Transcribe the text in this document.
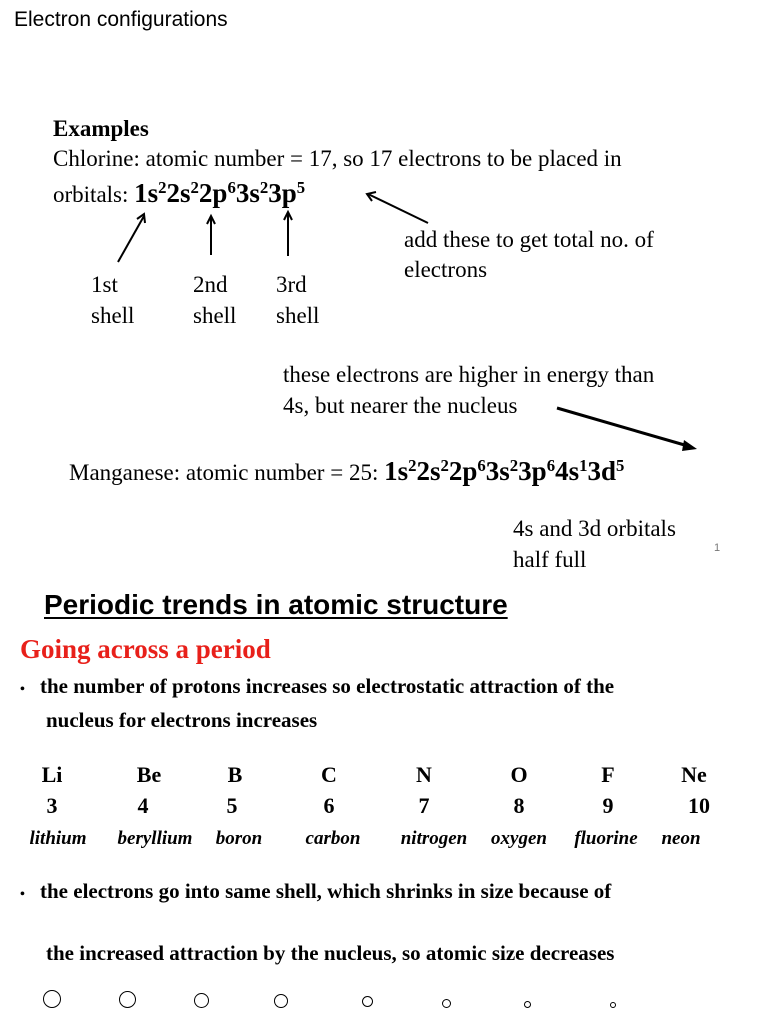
Electron configurations
Examples
Chlorine: atomic number = 17, so 17 electrons to be placed in
orbitals: $1s^22s^22p^63s^23p^5$
add these to get total no. of
electrons
1st
shell
2nd
shell
3rd
shell
these electrons are higher in energy than
4s, but nearer the nucleus
Manganese: atomic number = 25: $1s^22s^22p^63s^23p^64s^13d^5$
4s and 3d orbitals
half full	1
Periodic trends in atomic structure
Going across a period
• the number of protons increases so electrostatic attraction of the
nucleus for electrons increases
Li	Be	B	C	N	O	F	Ne
3	4	5	6	7	8	9	10
lithium beryllium boron carbon nitrogen oxygen fluorine neon
• the electrons go into same shell, which shrinks in size because of
the increased attraction by the nucleus, so atomic size decreases
